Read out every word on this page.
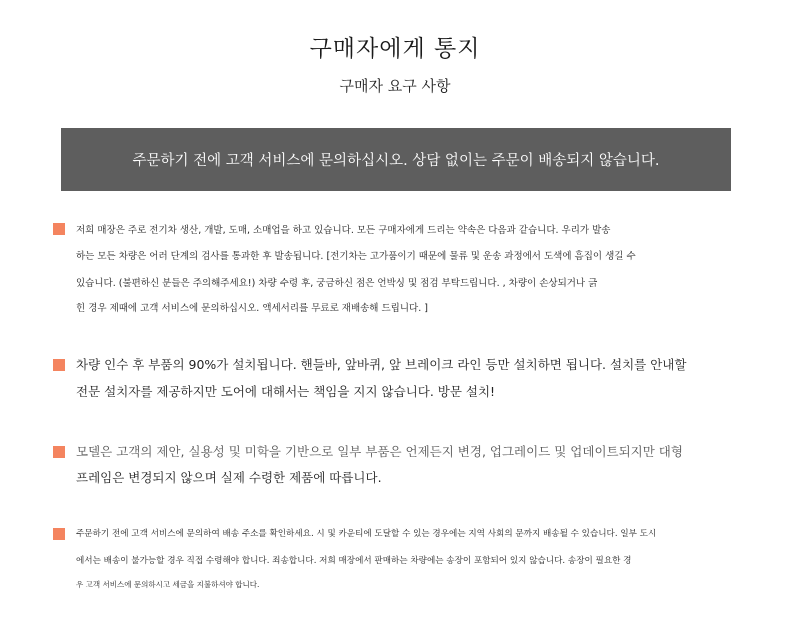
구매자에게 통지
구매자 요구 사항
주문하기 전에 고객 서비스에 문의하십시오. 상담 없이는 주문이 배송되지 않습니다.
저희 매장은 주로 전기차 생산, 개발, 도매, 소매업을 하고 있습니다. 모든 구매자에게 드리는 약속은 다음과 같습니다. 우리가 발송
하는 모든 차량은 어러 단계의 검사를 통과한 후 발송됩니다. [전기차는 고가품이기 때문에 물류 및 운송 과정에서 도색에 흠집이 생길 수
있습니다. (불편하신 분들은 주의해주세요!) 차량 수령 후, 궁금하신 점은 언박싱 및 점검 부탁드립니다. , 차량이 손상되거나 긁
힌 경우 제때에 고객 서비스에 문의하십시오. 액세서리를 무료로 재배송해 드립니다. ]
차량 인수 후 부품의 90%가 설치됩니다. 핸들바, 앞바퀴, 앞 브레이크 라인 등만 설치하면 됩니다. 설치를 안내할
전문 설치자를 제공하지만 도어에 대해서는 책임을 지지 않습니다. 방문 설치!
모델은 고객의 제안, 실용성 및 미학을 기반으로 일부 부품은 언제든지 변경, 업그레이드 및 업데이트되지만 대형
프레임은 변경되지 않으며 실제 수령한 제품에 따릅니다.
주문하기 전에 고객 서비스에 문의하여 배송 주소를 확인하세요. 시 및 카운티에 도달할 수 있는 경우에는 지역 사회의 문까지 배송될 수 있습니다. 일부 도시
에서는 배송이 불가능할 경우 직접 수령해야 합니다. 죄송합니다. 저희 매장에서 판매하는 차량에는 송장이 포함되어 있지 않습니다. 송장이 필요한 경
우 고객 서비스에 문의하시고 세금을 지불하셔야 합니다.
